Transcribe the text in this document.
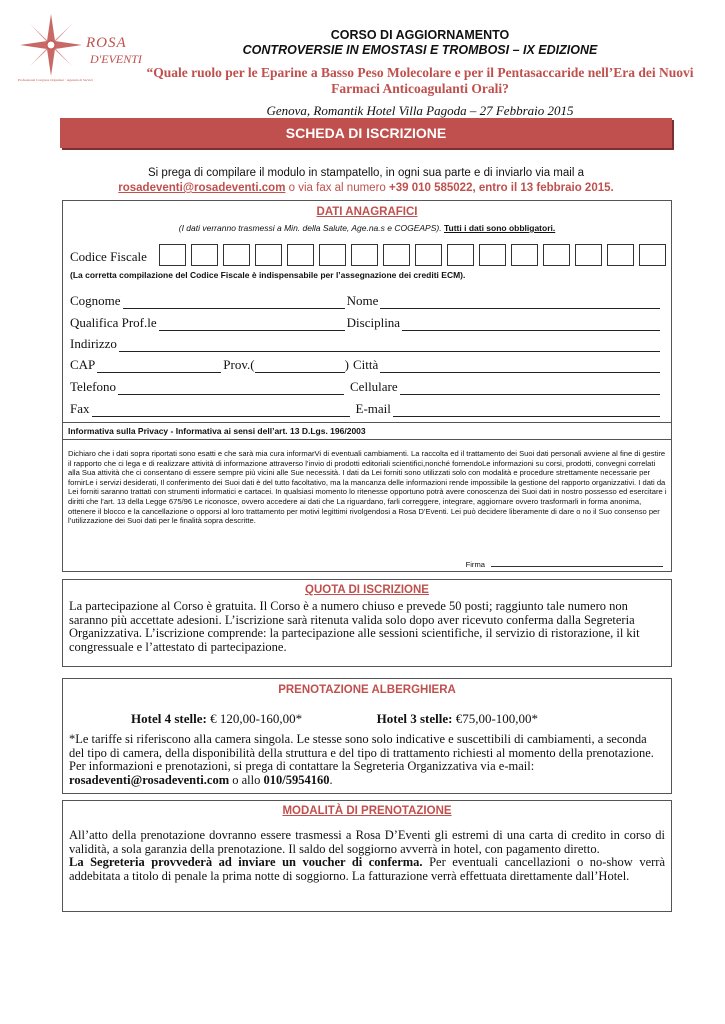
ROSA
D'EVENTI
Professional Congress Organizer · Agenzia di Servizi
CORSO DI AGGIORNAMENTO
CONTROVERSIE IN EMOSTASI E TROMBOSI – IX EDIZIONE
“Quale ruolo per le Eparine a Basso Peso Molecolare e per il Pentasaccaride nell’Era dei Nuovi Farmaci Anticoagulanti Orali?
Genova, Romantik Hotel Villa Pagoda – 27 Febbraio 2015
SCHEDA DI ISCRIZIONE
Si prega di compilare il modulo in stampatello, in ogni sua parte e di inviarlo via mail a
rosadeventi@rosadeventi.com o via fax al numero +39 010 585022, entro il 13 febbraio 2015.
DATI ANAGRAFICI
(I dati verranno trasmessi a Min. della Salute, Age.na.s e COGEAPS). Tutti i dati sono obbligatori.
Codice Fiscale
(La corretta compilazione del Codice Fiscale è indispensabile per l’assegnazione dei crediti ECM).
Cognome	Nome
Qualifica Prof.le	Disciplina
Indirizzo
CAP	Prov.(	) Città
Telefono	Cellulare
Fax	E-mail
Informativa sulla Privacy - Informativa ai sensi dell’art. 13 D.Lgs. 196/2003
Dichiaro che i dati sopra riportati sono esatti e che sarà mia cura informarVi di eventuali cambiamenti. La raccolta ed il trattamento dei Suoi dati personali avviene al fine di gestire il rapporto che ci lega e di realizzare attività di informazione attraverso l’invio di prodotti editoriali scientifici,nonché fornendoLe informazioni su corsi, prodotti, convegni correlati alla Sua attività che ci consentano di essere sempre più vicini alle Sue necessità. I dati da Lei forniti sono utilizzati solo con modalità e procedure strettamente necessarie per fornirLe i servizi desiderati, Il conferimento dei Suoi dati è del tutto facoltativo, ma la mancanza delle informazioni rende impossibile la gestione del rapporto organizzativi. I dati da Lei forniti saranno trattati con strumenti informatici e cartacei. In qualsiasi momento lo ritenesse opportuno potrà avere conoscenza dei Suoi dati in nostro possesso ed esercitare i diritti che l’art. 13 della Legge 675/96 Le riconosce, ovvero accedere ai dati che La riguardano, farli correggere, integrare, aggiornare ovvero trasformarli in forma anonima, ottenere il blocco e la cancellazione o opporsi al loro trattamento per motivi legittimi rivolgendosi a Rosa D’Eventi. Lei può decidere liberamente di dare o no il Suo consenso per l’utilizzazione dei Suoi dati per le finalità sopra descritte.
Firma
QUOTA DI ISCRIZIONE
La partecipazione al Corso è gratuita. Il Corso è a numero chiuso e prevede 50 posti; raggiunto tale numero non saranno più accettate adesioni. L’iscrizione sarà ritenuta valida solo dopo aver ricevuto conferma dalla Segreteria Organizzativa. L’iscrizione comprende: la partecipazione alle sessioni scientifiche, il servizio di ristorazione, il kit congressuale e l’attestato di partecipazione.
PRENOTAZIONE ALBERGHIERA
Hotel 4 stelle: € 120,00-160,00*	Hotel 3 stelle: €75,00-100,00*
*Le tariffe si riferiscono alla camera singola. Le stesse sono solo indicative e suscettibili di cambiamenti, a seconda del tipo di camera, della disponibilità della struttura e del tipo di trattamento richiesti al momento della prenotazione. Per informazioni e prenotazioni, si prega di contattare la Segreteria Organizzativa via e-mail: rosadeventi@rosadeventi.com o allo 010/5954160.
MODALITÀ DI PRENOTAZIONE
All’atto della prenotazione dovranno essere trasmessi a Rosa D’Eventi gli estremi di una carta di credito in corso di validità, a sola garanzia della prenotazione. Il saldo del soggiorno avverrà in hotel, con pagamento diretto.
La Segreteria provvederà ad inviare un voucher di conferma. Per eventuali cancellazioni o no-show verrà addebitata a titolo di penale la prima notte di soggiorno. La fatturazione verrà effettuata direttamente dall’Hotel.
